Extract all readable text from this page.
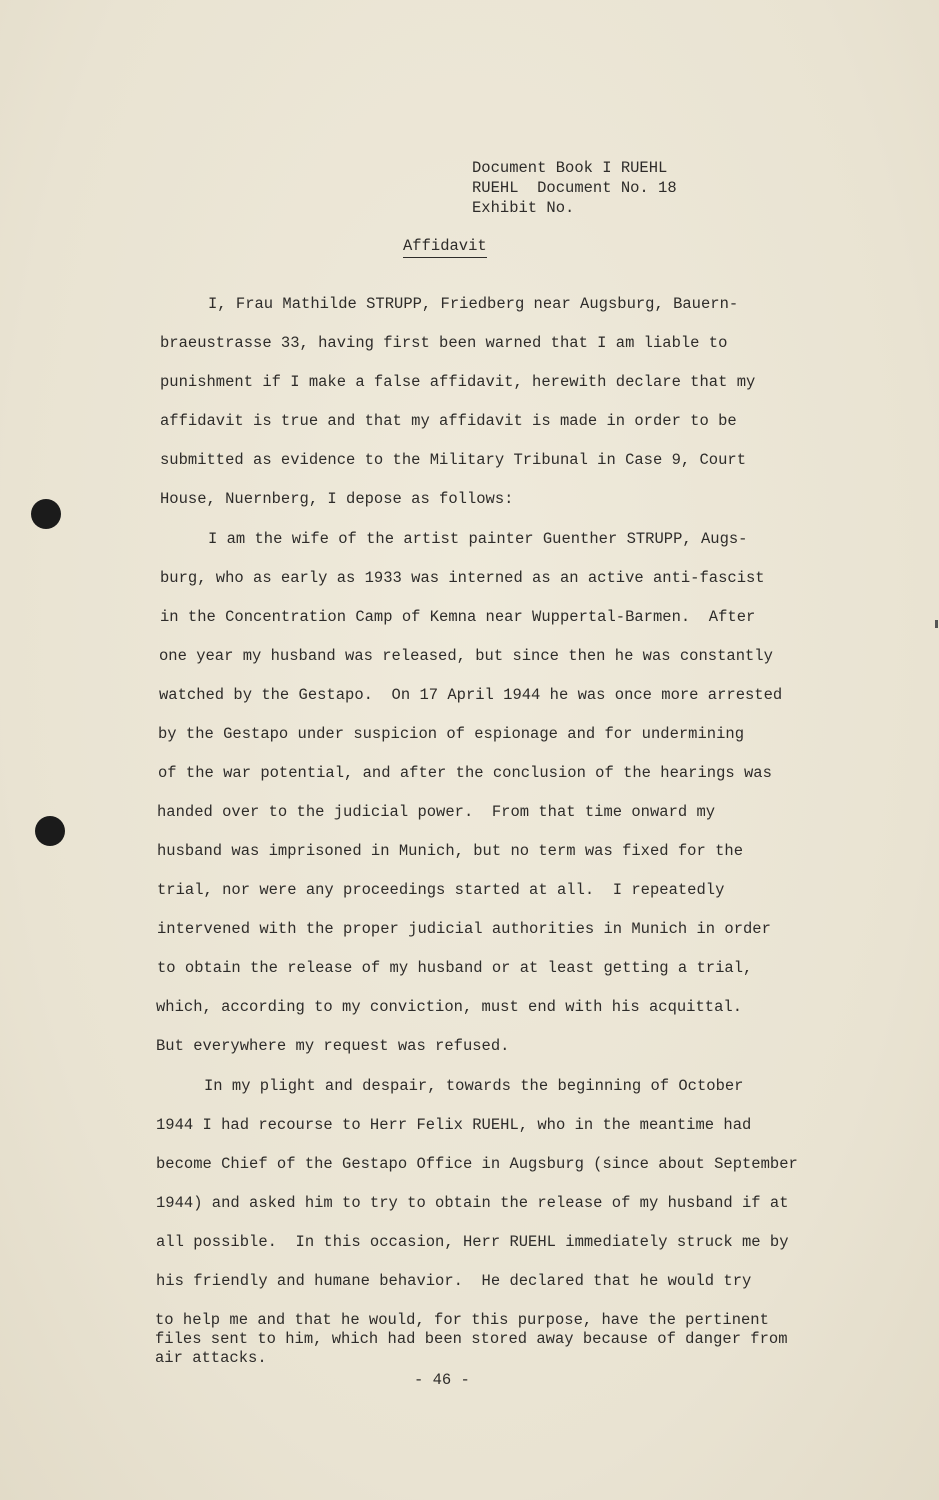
Document Book I RUEHL
RUEHL  Document No. 18
Exhibit No.
Affidavit
I, Frau Mathilde STRUPP, Friedberg near Augsburg, Bauern-
braeustrasse 33, having first been warned that I am liable to
punishment if I make a false affidavit, herewith declare that my
affidavit is true and that my affidavit is made in order to be
submitted as evidence to the Military Tribunal in Case 9, Court
House, Nuernberg, I depose as follows:
I am the wife of the artist painter Guenther STRUPP, Augs-
burg, who as early as 1933 was interned as an active anti-fascist
in the Concentration Camp of Kemna near Wuppertal-Barmen.  After
one year my husband was released, but since then he was constantly
watched by the Gestapo.  On 17 April 1944 he was once more arrested
by the Gestapo under suspicion of espionage and for undermining
of the war potential, and after the conclusion of the hearings was
handed over to the judicial power.  From that time onward my
husband was imprisoned in Munich, but no term was fixed for the
trial, nor were any proceedings started at all.  I repeatedly
intervened with the proper judicial authorities in Munich in order
to obtain the release of my husband or at least getting a trial,
which, according to my conviction, must end with his acquittal.
But everywhere my request was refused.
In my plight and despair, towards the beginning of October
1944 I had recourse to Herr Felix RUEHL, who in the meantime had
become Chief of the Gestapo Office in Augsburg (since about September
1944) and asked him to try to obtain the release of my husband if at
all possible.  In this occasion, Herr RUEHL immediately struck me by
his friendly and humane behavior.  He declared that he would try
to help me and that he would, for this purpose, have the pertinent
files sent to him, which had been stored away because of danger from
air attacks.
- 46 -
